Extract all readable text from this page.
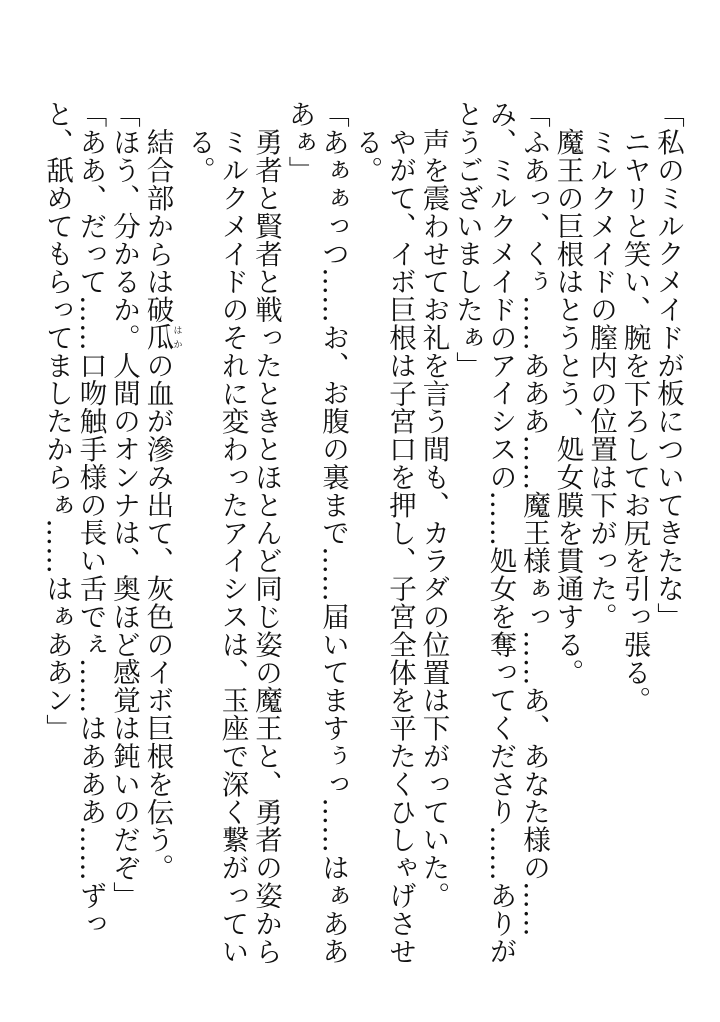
「私のミルクメイドが板についてきたな」

ニヤリと笑い、腕を下ろしてお尻を引っ張る。

ミルクメイドの膣内の位置は下がった。

魔王の巨根はとうとう、処女膜を貫通する。

「ふあっ、くぅ……あああ……魔王様ぁっ……あ、あなた様の……み、ミルクメイドのアイシスの……処女を奪ってくださり……ありがとうございましたぁ」

声を震わせてお礼を言う間も、カラダの位置は下がっていた。

やがて、イボ巨根は子宮口を押し、子宮全体を平たくひしゃげさせる。

「あぁぁっつ……お、お腹の裏まで……届いてますぅっ……はぁあああぁ」

勇者と賢者と戦ったときとほとんど同じ姿の魔王と、勇者の姿からミルクメイドのそれに変わったアイシスは、玉座で深く繋がっている。

結合部からは破瓜はかの血が滲み出て、灰色のイボ巨根を伝う。

「ほう、分かるか。人間のオンナは、奥ほど感覚は鈍いのだぞ」

「ああ、だって……口吻触手様の長い舌でぇ……はあああ……ずっと、舐めてもらってましたからぁ……はぁああン」
